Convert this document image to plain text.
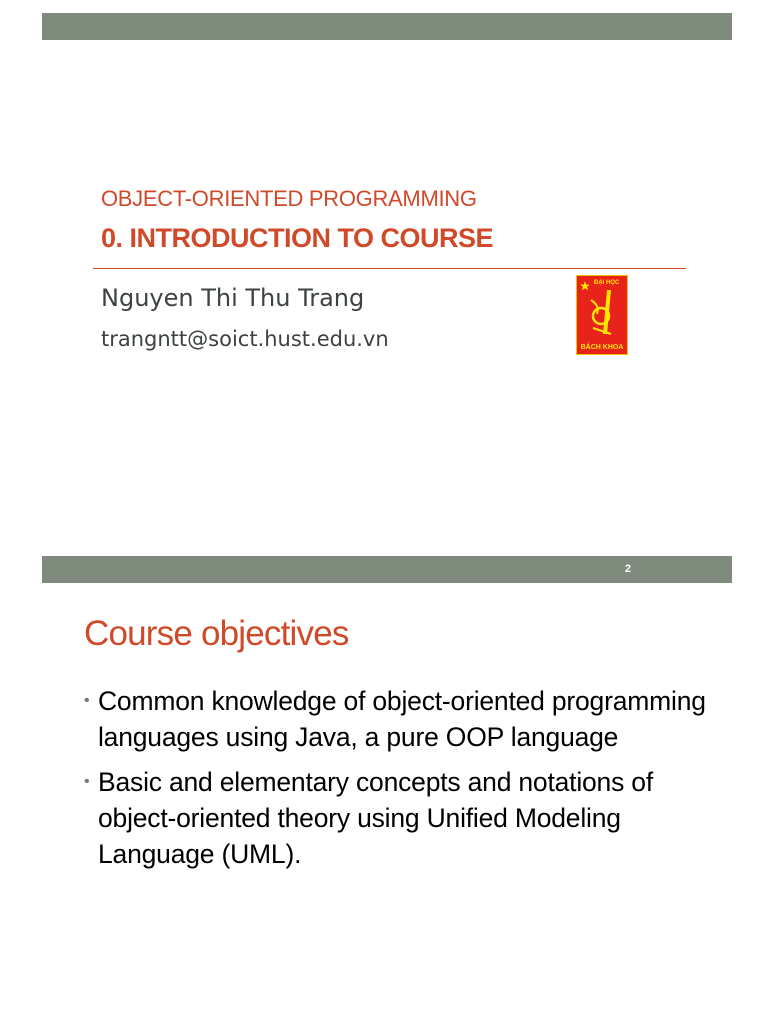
OBJECT-ORIENTED PROGRAMMING
0. INTRODUCTION TO COURSE
Nguyen Thi Thu Trang
trangntt@soict.hust.edu.vn
ĐẠI HỌC
BÁCH KHOA
2
Course objectives
• Common knowledge of object-oriented programming languages using Java, a pure OOP language
• Basic and elementary concepts and notations of object-oriented theory using Unified Modeling Language (UML).
